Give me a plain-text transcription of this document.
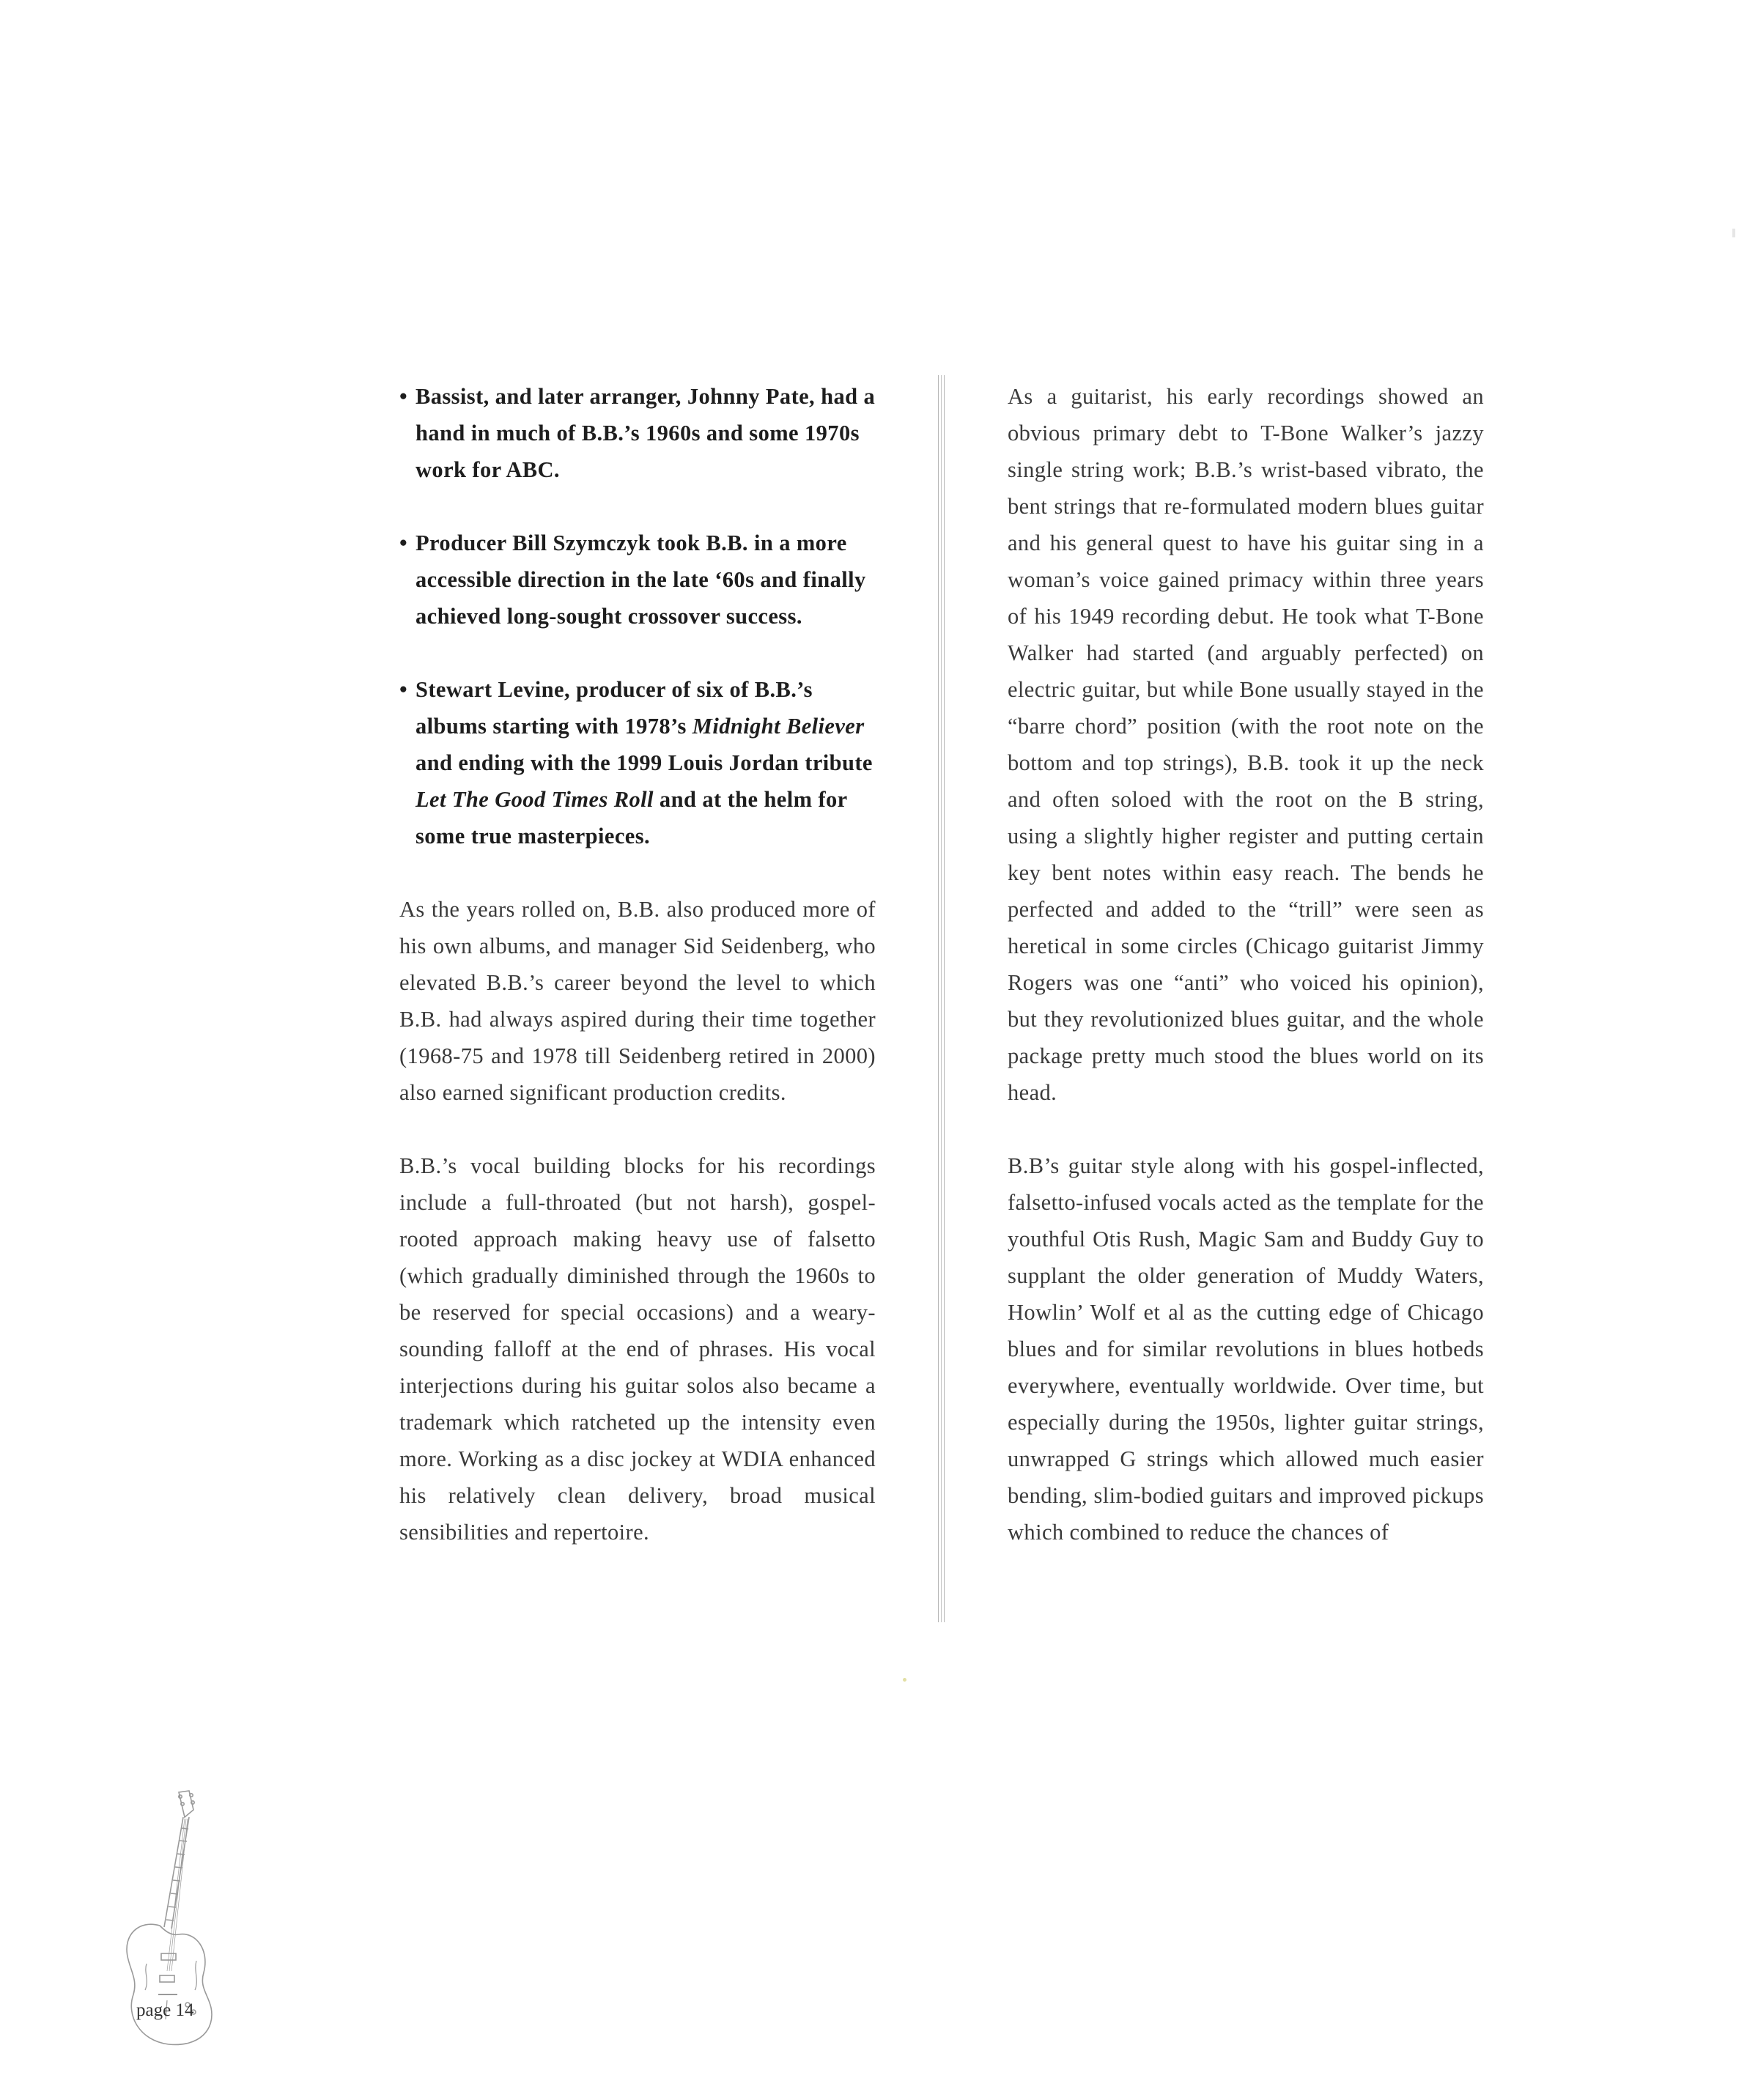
• Bassist, and later arranger, Johnny Pate, had a hand in much of B.B.’s 1960s and some 1970s work for ABC.

• Producer Bill Szymczyk took B.B. in a more accessible direction in the late ‘60s and finally achieved long-sought crossover success.

• Stewart Levine, producer of six of B.B.’s albums starting with 1978’s Midnight Believer and ending with the 1999 Louis Jordan tribute Let The Good Times Roll and at the helm for some true masterpieces.

As the years rolled on, B.B. also produced more of his own albums, and manager Sid Seidenberg, who elevated B.B.’s career beyond the level to which B.B. had always aspired during their time together (1968-75 and 1978 till Seidenberg retired in 2000) also earned significant production credits.

B.B.’s vocal building blocks for his recordings include a full-throated (but not harsh), gospel-rooted approach making heavy use of falsetto (which gradually diminished through the 1960s to be reserved for special occasions) and a weary-sounding falloff at the end of phrases. His vocal interjections during his guitar solos also became a trademark which ratcheted up the intensity even more. Working as a disc jockey at WDIA enhanced his relatively clean delivery, broad musical sensibilities and repertoire.

As a guitarist, his early recordings showed an obvious primary debt to T-Bone Walker’s jazzy single string work; B.B.’s wrist-based vibrato, the bent strings that re-formulated modern blues guitar and his general quest to have his guitar sing in a woman’s voice gained primacy within three years of his 1949 recording debut. He took what T-Bone Walker had started (and arguably perfected) on electric guitar, but while Bone usually stayed in the “barre chord” position (with the root note on the bottom and top strings), B.B. took it up the neck and often soloed with the root on the B string, using a slightly higher register and putting certain key bent notes within easy reach. The bends he perfected and added to the “trill” were seen as heretical in some circles (Chicago guitarist Jimmy Rogers was one “anti” who voiced his opinion), but they revolutionized blues guitar, and the whole package pretty much stood the blues world on its head.

B.B’s guitar style along with his gospel-inflected, falsetto-infused vocals acted as the template for the youthful Otis Rush, Magic Sam and Buddy Guy to supplant the older generation of Muddy Waters, Howlin’ Wolf et al as the cutting edge of Chicago blues and for similar revolutions in blues hotbeds everywhere, eventually worldwide. Over time, but especially during the 1950s, lighter guitar strings, unwrapped G strings which allowed much easier bending, slim-bodied guitars and improved pickups which combined to reduce the chances of

page 14
